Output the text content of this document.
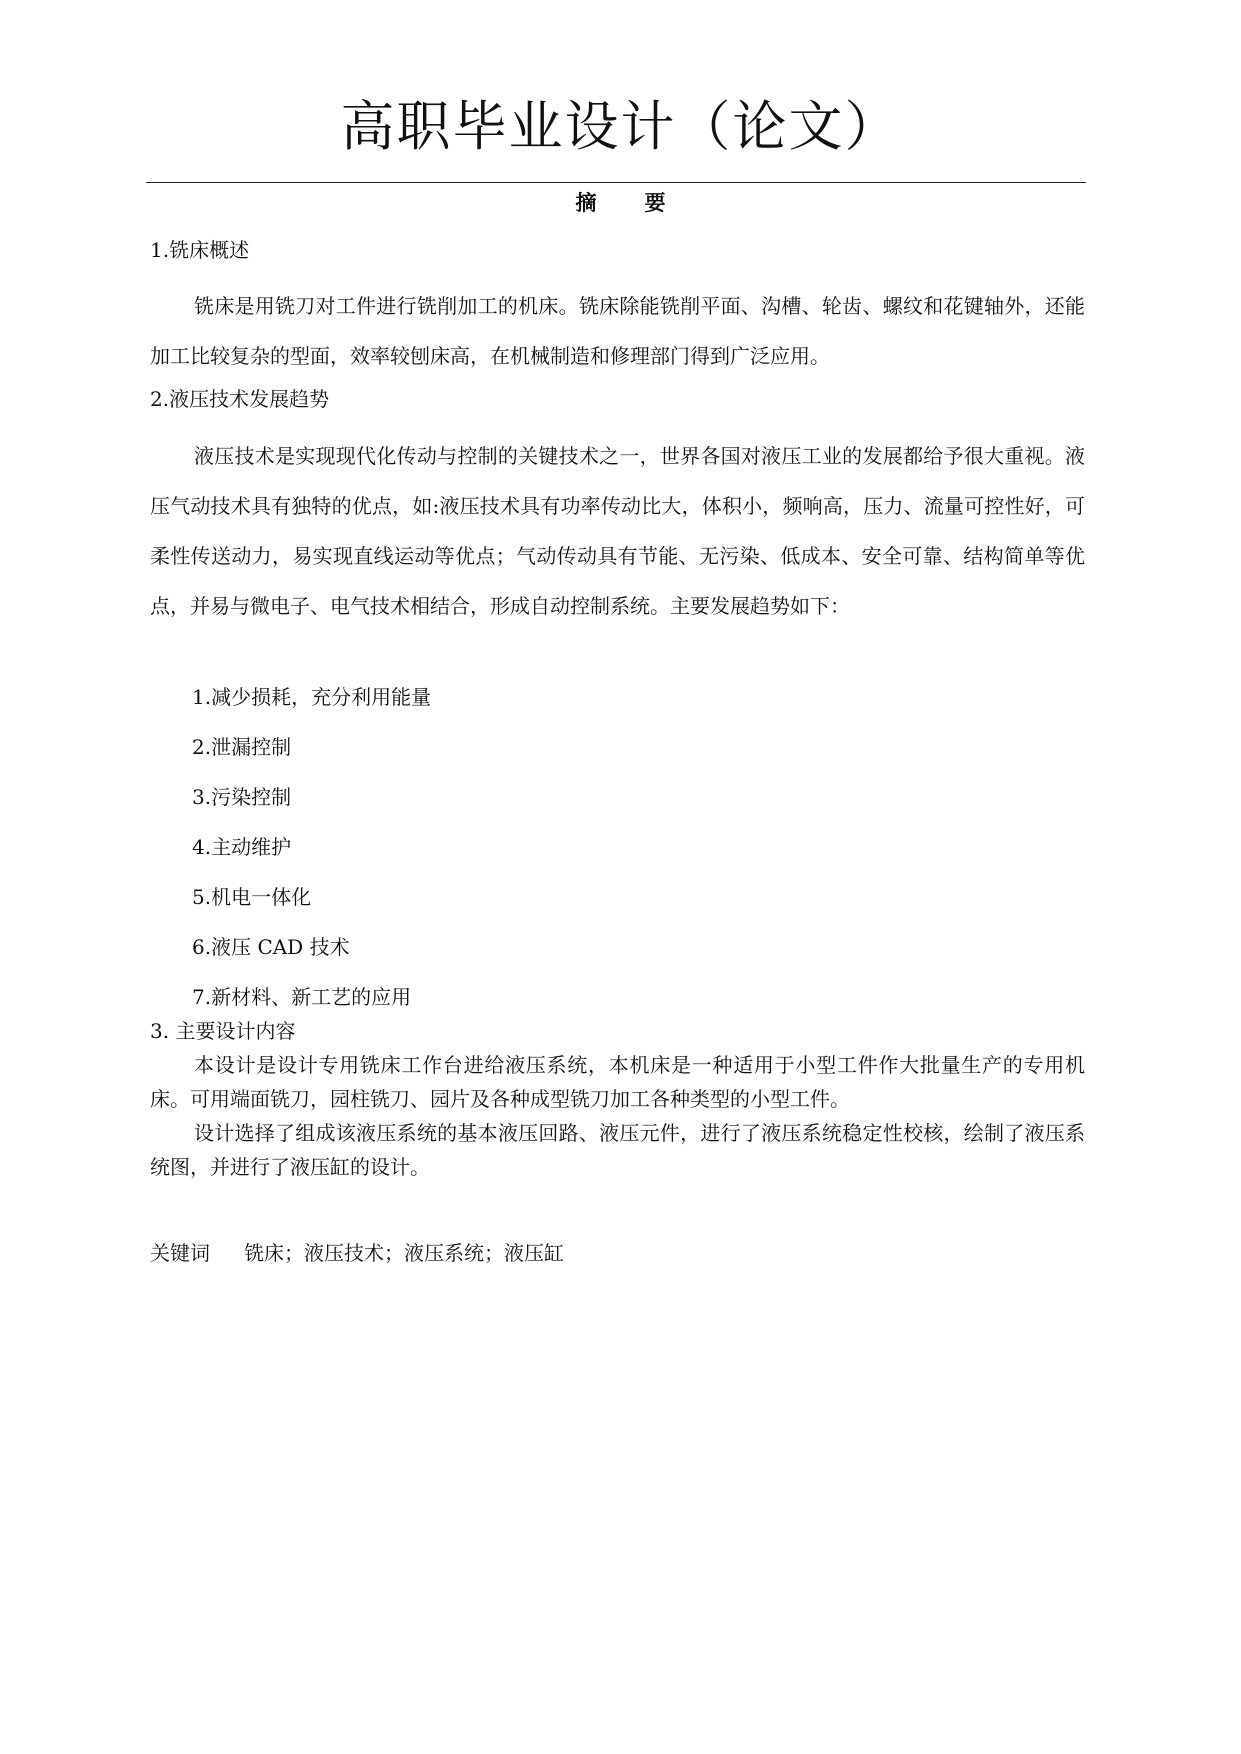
高职毕业设计（论文）
摘 要
1.铣床概述
铣床是用铣刀对工件进行铣削加工的机床。铣床除能铣削平面、沟槽、轮齿、螺纹和花键轴外，还能加工比较复杂的型面，效率较刨床高，在机械制造和修理部门得到广泛应用。
2.液压技术发展趋势
液压技术是实现现代化传动与控制的关键技术之一，世界各国对液压工业的发展都给予很大重视。液压气动技术具有独特的优点，如:液压技术具有功率传动比大，体积小，频响高，压力、流量可控性好，可柔性传送动力，易实现直线运动等优点；气动传动具有节能、无污染、低成本、安全可靠、结构简单等优点，并易与微电子、电气技术相结合，形成自动控制系统。主要发展趋势如下：
1.减少损耗，充分利用能量
2.泄漏控制
3.污染控制
4.主动维护
5.机电一体化
6.液压 CAD 技术
7.新材料、新工艺的应用
3. 主要设计内容
本设计是设计专用铣床工作台进给液压系统，本机床是一种适用于小型工件作大批量生产的专用机床。可用端面铣刀，园柱铣刀、园片及各种成型铣刀加工各种类型的小型工件。
设计选择了组成该液压系统的基本液压回路、液压元件，进行了液压系统稳定性校核，绘制了液压系统图，并进行了液压缸的设计。
关键词 铣床；液压技术；液压系统；液压缸
